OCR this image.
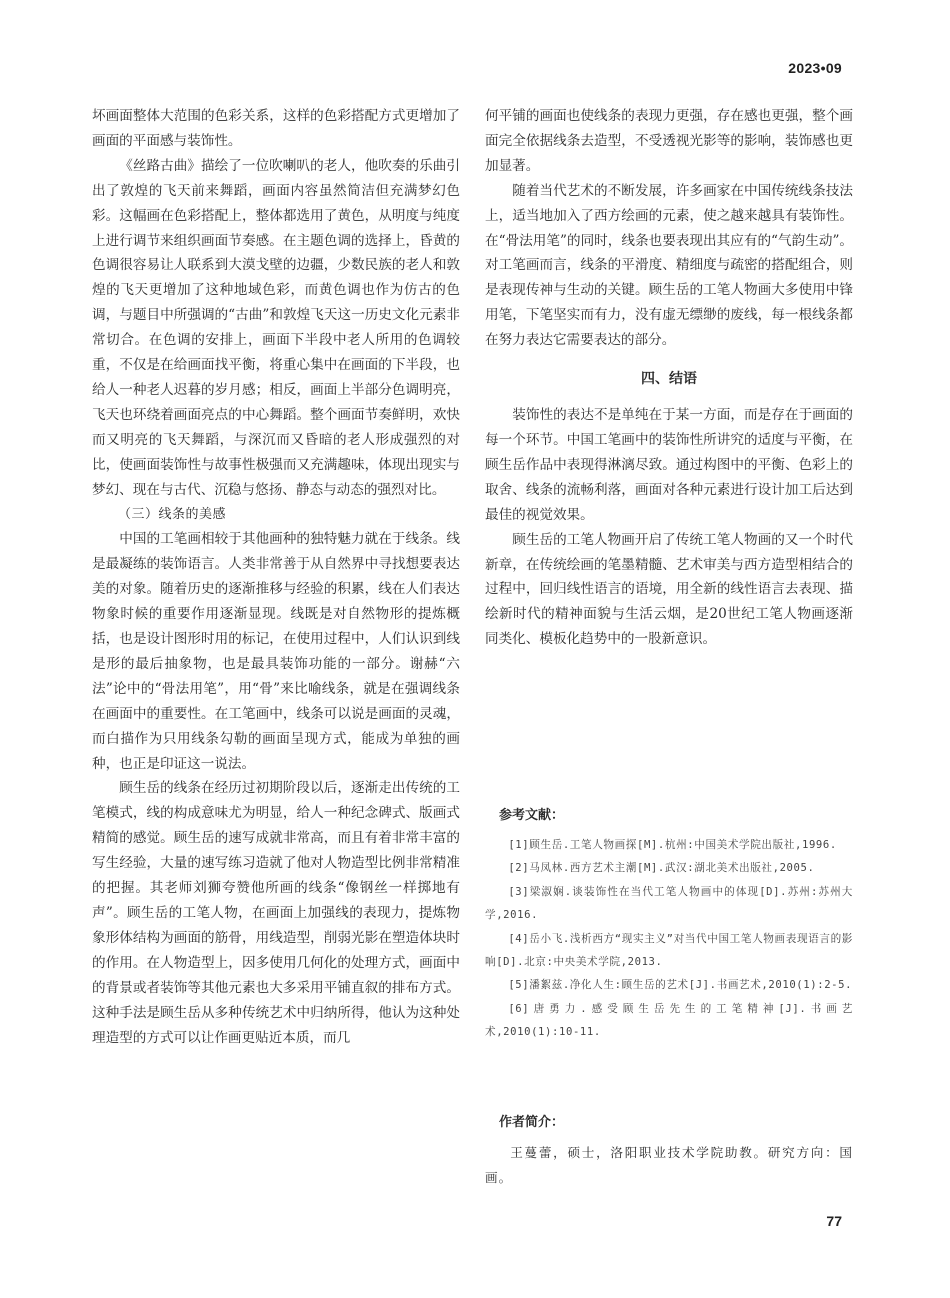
2023•09

坏画面整体大范围的色彩关系，这样的色彩搭配方式更增加了画面的平面感与装饰性。

《丝路古曲》描绘了一位吹喇叭的老人，他吹奏的乐曲引出了敦煌的飞天前来舞蹈，画面内容虽然简洁但充满梦幻色彩。这幅画在色彩搭配上，整体都选用了黄色，从明度与纯度上进行调节来组织画面节奏感。在主题色调的选择上，昏黄的色调很容易让人联系到大漠戈壁的边疆，少数民族的老人和敦煌的飞天更增加了这种地域色彩，而黄色调也作为仿古的色调，与题目中所强调的“古曲”和敦煌飞天这一历史文化元素非常切合。在色调的安排上，画面下半段中老人所用的色调较重，不仅是在给画面找平衡，将重心集中在画面的下半段，也给人一种老人迟暮的岁月感；相反，画面上半部分色调明亮，飞天也环绕着画面亮点的中心舞蹈。整个画面节奏鲜明，欢快而又明亮的飞天舞蹈，与深沉而又昏暗的老人形成强烈的对比，使画面装饰性与故事性极强而又充满趣味，体现出现实与梦幻、现在与古代、沉稳与悠扬、静态与动态的强烈对比。

（三）线条的美感

中国的工笔画相较于其他画种的独特魅力就在于线条。线是最凝练的装饰语言。人类非常善于从自然界中寻找想要表达美的对象。随着历史的逐渐推移与经验的积累，线在人们表达物象时候的重要作用逐渐显现。线既是对自然物形的提炼概括，也是设计图形时用的标记，在使用过程中，人们认识到线是形的最后抽象物，也是最具装饰功能的一部分。谢赫“六法”论中的“骨法用笔”，用“骨”来比喻线条，就是在强调线条在画面中的重要性。在工笔画中，线条可以说是画面的灵魂，而白描作为只用线条勾勒的画面呈现方式，能成为单独的画种，也正是印证这一说法。

顾生岳的线条在经历过初期阶段以后，逐渐走出传统的工笔模式，线的构成意味尤为明显，给人一种纪念碑式、版画式精简的感觉。顾生岳的速写成就非常高，而且有着非常丰富的写生经验，大量的速写练习造就了他对人物造型比例非常精准的把握。其老师刘狮夸赞他所画的线条“像钢丝一样掷地有声”。顾生岳的工笔人物，在画面上加强线的表现力，提炼物象形体结构为画面的筋骨，用线造型，削弱光影在塑造体块时的作用。在人物造型上，因多使用几何化的处理方式，画面中的背景或者装饰等其他元素也大多采用平铺直叙的排布方式。这种手法是顾生岳从多种传统艺术中归纳所得，他认为这种处理造型的方式可以让作画更贴近本质，而几

何平铺的画面也使线条的表现力更强，存在感也更强，整个画面完全依据线条去造型，不受透视光影等的影响，装饰感也更加显著。

随着当代艺术的不断发展，许多画家在中国传统线条技法上，适当地加入了西方绘画的元素，使之越来越具有装饰性。在“骨法用笔”的同时，线条也要表现出其应有的“气韵生动”。对工笔画而言，线条的平滑度、精细度与疏密的搭配组合，则是表现传神与生动的关键。顾生岳的工笔人物画大多使用中锋用笔，下笔坚实而有力，没有虚无缥缈的废线，每一根线条都在努力表达它需要表达的部分。

四、结语

装饰性的表达不是单纯在于某一方面，而是存在于画面的每一个环节。中国工笔画中的装饰性所讲究的适度与平衡，在顾生岳作品中表现得淋漓尽致。通过构图中的平衡、色彩上的取舍、线条的流畅利落，画面对各种元素进行设计加工后达到最佳的视觉效果。

顾生岳的工笔人物画开启了传统工笔人物画的又一个时代新章，在传统绘画的笔墨精髓、艺术审美与西方造型相结合的过程中，回归线性语言的语境，用全新的线性语言去表现、描绘新时代的精神面貌与生活云烟，是20世纪工笔人物画逐渐同类化、模板化趋势中的一股新意识。

参考文献：

[1]顾生岳.工笔人物画探[M].杭州:中国美术学院出版社,1996.

[2]马凤林.西方艺术主潮[M].武汉:湖北美术出版社,2005.

[3]梁淑娴.谈装饰性在当代工笔人物画中的体现[D].苏州:苏州大学,2016.

[4]岳小飞.浅析西方“现实主义”对当代中国工笔人物画表现语言的影响[D].北京:中央美术学院,2013.

[5]潘絮兹.净化人生:顾生岳的艺术[J].书画艺术,2010(1):2-5.

[6]唐勇力.感受顾生岳先生的工笔精神[J].书画艺术,2010(1):10-11.

作者简介：

王蔓蕾，硕士，洛阳职业技术学院助教。研究方向：国画。

77
